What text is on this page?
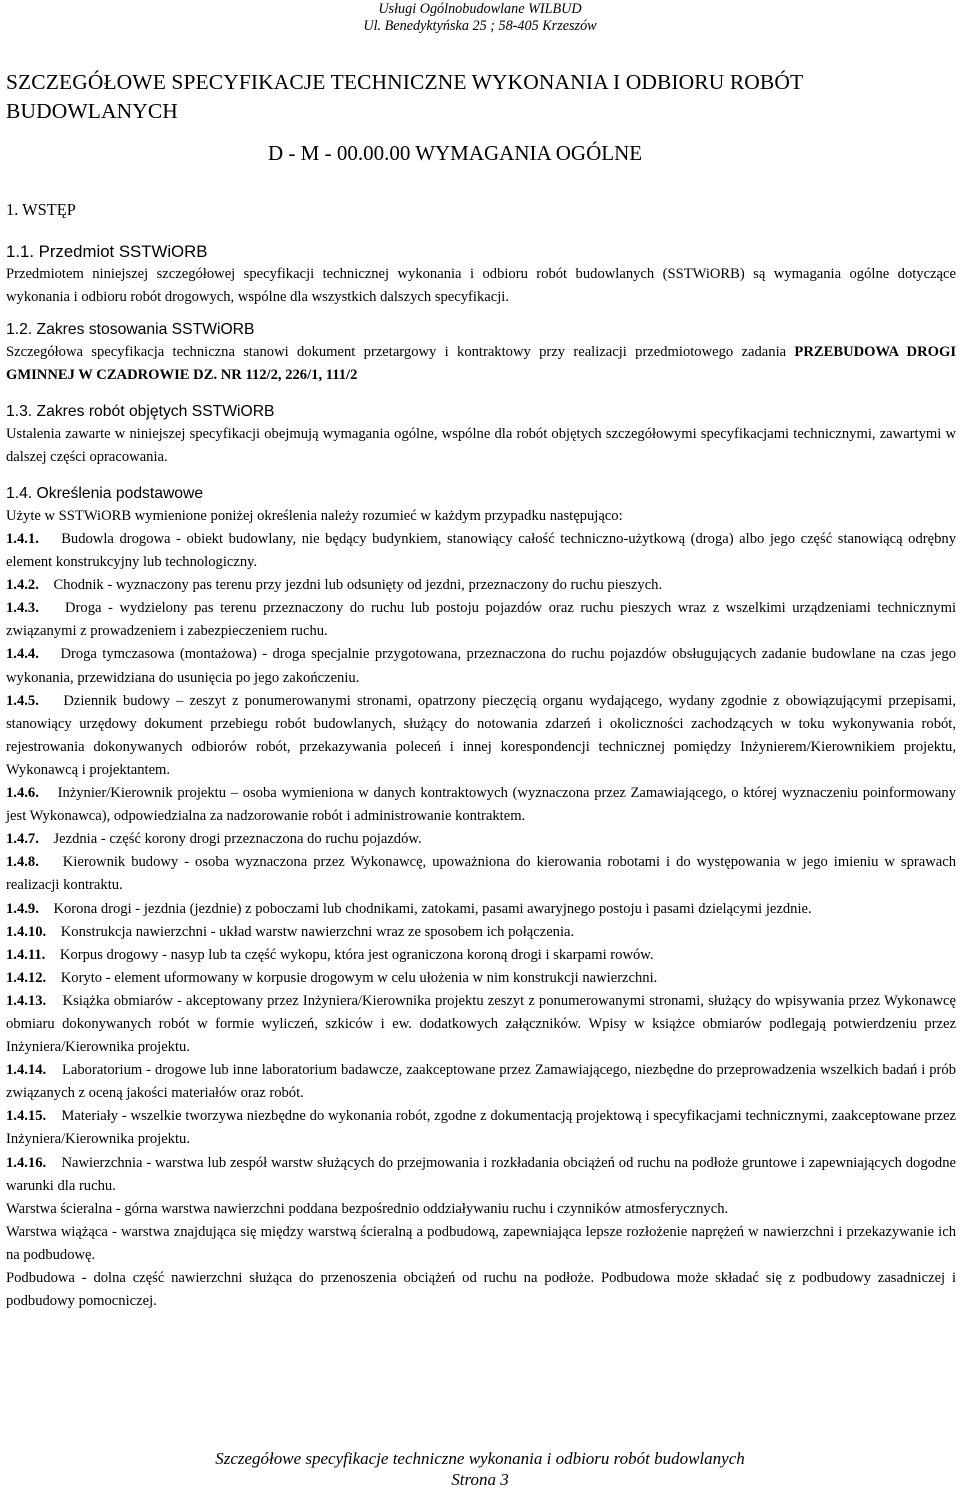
Usługi Ogólnobudowlane WILBUD
Ul. Benedyktyńska 25 ; 58-405 Krzeszów
SZCZEGÓŁOWE SPECYFIKACJE TECHNICZNE WYKONANIA I ODBIORU ROBÓT BUDOWLANYCH
D - M - 00.00.00 WYMAGANIA OGÓLNE
1. WSTĘP
1.1. Przedmiot SSTWiORB

Przedmiotem niniejszej szczegółowej specyfikacji technicznej wykonania i odbioru robót budowlanych (SSTWiORB) są wymagania ogólne dotyczące wykonania i odbioru robót drogowych, wspólne dla wszystkich dalszych specyfikacji.

1.2. Zakres stosowania SSTWiORB

Szczegółowa specyfikacja techniczna stanowi dokument przetargowy i kontraktowy przy realizacji przedmiotowego zadania PRZEBUDOWA DROGI GMINNEJ W CZADROWIE DZ. NR 112/2, 226/1, 111/2

1.3. Zakres robót objętych SSTWiORB

Ustalenia zawarte w niniejszej specyfikacji obejmują wymagania ogólne, wspólne dla robót objętych szczegółowymi specyfikacjami technicznymi, zawartymi w dalszej części opracowania.

1.4. Określenia podstawowe

Użyte w SSTWiORB wymienione poniżej określenia należy rozumieć w każdym przypadku następująco:

1.4.1. Budowla drogowa - obiekt budowlany, nie będący budynkiem, stanowiący całość techniczno-użytkową (droga) albo jego część stanowiącą odrębny element konstrukcyjny lub technologiczny.

1.4.2. Chodnik - wyznaczony pas terenu przy jezdni lub odsunięty od jezdni, przeznaczony do ruchu pieszych.

1.4.3. Droga - wydzielony pas terenu przeznaczony do ruchu lub postoju pojazdów oraz ruchu pieszych wraz z wszelkimi urządzeniami technicznymi związanymi z prowadzeniem i zabezpieczeniem ruchu.

1.4.4. Droga tymczasowa (montażowa) - droga specjalnie przygotowana, przeznaczona do ruchu pojazdów obsługujących zadanie budowlane na czas jego wykonania, przewidziana do usunięcia po jego zakończeniu.

1.4.5. Dziennik budowy – zeszyt z ponumerowanymi stronami, opatrzony pieczęcią organu wydającego, wydany zgodnie z obowiązującymi przepisami, stanowiący urzędowy dokument przebiegu robót budowlanych, służący do notowania zdarzeń i okoliczności zachodzących w toku wykonywania robót, rejestrowania dokonywanych odbiorów robót, przekazywania poleceń i innej korespondencji technicznej pomiędzy Inżynierem/Kierownikiem projektu, Wykonawcą i projektantem.

1.4.6. Inżynier/Kierownik projektu – osoba wymieniona w danych kontraktowych (wyznaczona przez Zamawiającego, o której wyznaczeniu poinformowany jest Wykonawca), odpowiedzialna za nadzorowanie robót i administrowanie kontraktem.

1.4.7. Jezdnia - część korony drogi przeznaczona do ruchu pojazdów.

1.4.8. Kierownik budowy - osoba wyznaczona przez Wykonawcę, upoważniona do kierowania robotami i do występowania w jego imieniu w sprawach realizacji kontraktu.

1.4.9. Korona drogi - jezdnia (jezdnie) z poboczami lub chodnikami, zatokami, pasami awaryjnego postoju i pasami dzielącymi jezdnie.

1.4.10. Konstrukcja nawierzchni - układ warstw nawierzchni wraz ze sposobem ich połączenia.

1.4.11. Korpus drogowy - nasyp lub ta część wykopu, która jest ograniczona koroną drogi i skarpami rowów.

1.4.12. Koryto - element uformowany w korpusie drogowym w celu ułożenia w nim konstrukcji nawierzchni.

1.4.13. Książka obmiarów - akceptowany przez Inżyniera/Kierownika projektu zeszyt z ponumerowanymi stronami, służący do wpisywania przez Wykonawcę obmiaru dokonywanych robót w formie wyliczeń, szkiców i ew. dodatkowych załączników. Wpisy w książce obmiarów podlegają potwierdzeniu przez Inżyniera/Kierownika projektu.

1.4.14. Laboratorium - drogowe lub inne laboratorium badawcze, zaakceptowane przez Zamawiającego, niezbędne do przeprowadzenia wszelkich badań i prób związanych z oceną jakości materiałów oraz robót.

1.4.15. Materiały - wszelkie tworzywa niezbędne do wykonania robót, zgodne z dokumentacją projektową i specyfikacjami technicznymi, zaakceptowane przez Inżyniera/Kierownika projektu.

1.4.16. Nawierzchnia - warstwa lub zespół warstw służących do przejmowania i rozkładania obciążeń od ruchu na podłoże gruntowe i zapewniających dogodne warunki dla ruchu.

Warstwa ścieralna - górna warstwa nawierzchni poddana bezpośrednio oddziaływaniu ruchu i czynników atmosferycznych.

Warstwa wiążąca - warstwa znajdująca się między warstwą ścieralną a podbudową, zapewniająca lepsze rozłożenie naprężeń w nawierzchni i przekazywanie ich na podbudowę.

Podbudowa - dolna część nawierzchni służąca do przenoszenia obciążeń od ruchu na podłoże. Podbudowa może składać się z podbudowy zasadniczej i podbudowy pomocniczej.

Szczegółowe specyfikacje techniczne wykonania i odbioru robót budowlanych
Strona 3
